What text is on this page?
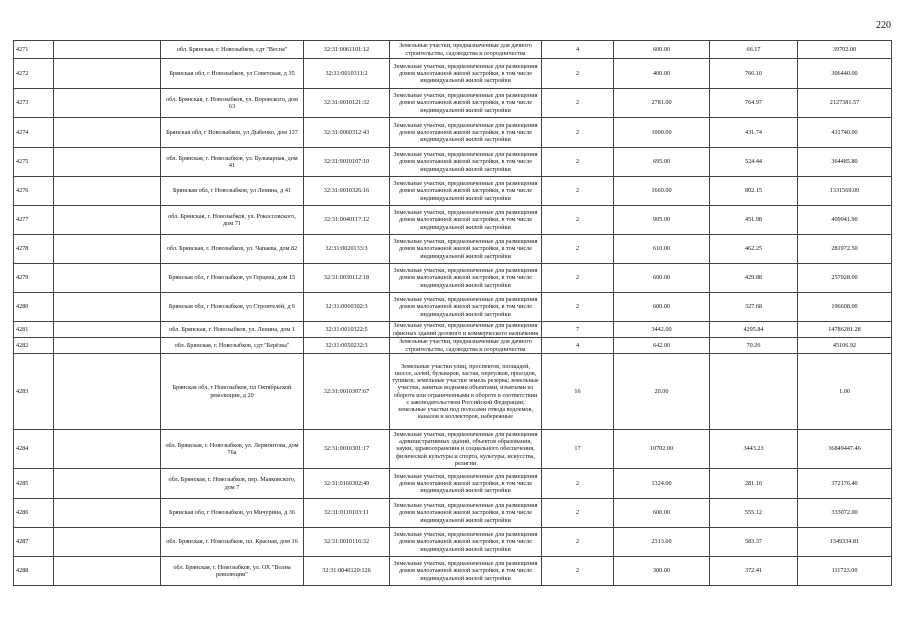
220
4271		обл. Брянская, г. Новозыбков, сдт "Весна"	32:31:0061101:12	Земельные участки, предназначенные для дачного строительства, садоводства и огородничества	4	600.00	66.17	39702.00
4272		Брянская обл, г Новозыбков, ул Советская, д 35	32:31:0010311:2	Земельные участки, предназначенные для размещения домов малоэтажной жилой застройки, в том числе индивидуальной жилой застройки	2	400.00	766.10	306440.00
4273		обл. Брянская, г. Новозыбков, ул. Воровского, дом 63	32:31:0010121:32	Земельные участки, предназначенные для размещения домов малоэтажной жилой застройки, в том числе индивидуальной жилой застройки	2	2781.00	764.97	2127381.57
4274		Брянская обл, г Новозыбков, ул Дыбенко, дом 137	32:31:0060312:43	Земельные участки, предназначенные для размещения домов малоэтажной жилой застройки, в том числе индивидуальной жилой застройки	2	1000.00	431.74	431740.00
4275		обл. Брянская, г. Новозыбков, ул. Бульварная, дом 41	32:31:0010107:10	Земельные участки, предназначенные для размещения домов малоэтажной жилой застройки, в том числе индивидуальной жилой застройки	2	695.00	524.44	364485.80
4276		Брянская обл, г Новозыбков, ул Ленина, д 41	32:31:0010326:16	Земельные участки, предназначенные для размещения домов малоэтажной жилой застройки, в том числе индивидуальной жилой застройки	2	1660.00	802.15	1331569.00
4277		обл. Брянская, г. Новозыбков, ул. Рокоссовского, дом 71	32:31:0040117:12	Земельные участки, предназначенные для размещения домов малоэтажной жилой застройки, в том числе индивидуальной жилой застройки	2	905.00	451.98	409041.90
4278		обл. Брянская, г. Новозыбков, ул. Чапаева, дом 82	32:31:0020133:3	Земельные участки, предназначенные для размещения домов малоэтажной жилой застройки, в том числе индивидуальной жилой застройки	2	610.00	462.25	281972.50
4279		Брянская обл, г Новозыбков, ул Герцена, дом 15	32:31:0030112:18	Земельные участки, предназначенные для размещения домов малоэтажной жилой застройки, в том числе индивидуальной жилой застройки	2	600.00	429.88	257928.00
4280		Брянская обл, г Новозыбков, ул Строителей, д 6	32:31:0060302:3	Земельные участки, предназначенные для размещения домов малоэтажной жилой застройки, в том числе индивидуальной жилой застройки	2	600.00	327.68	196608.00
4281		обл. Брянская, г. Новозыбков, ул. Ленина, дом 1	32:31:0010322:5	Земельные участки, предназначенные для размещения офисных зданий делового и коммерческого назначения	7	3442.00	4295.84	14786281.28
4282		обл. Брянская, г. Новозыбков, сдт "Берёзка"	32:31:0050232:3	Земельные участки, предназначенные для дачного строительства, садоводства и огородничества	4	642.00	70.26	45106.92
4283		Брянская обл, г Новозыбков, пл Октябрьской революции, д 20	32:31:0010307:67	Земельные участки улиц, проспектов, площадей, шоссе, аллей, бульваров, застав, переулков, проездов, тупиков; земельные участки земель резерва; земельные участки, занятые водными объектами, изъятыми из оборота или ограниченными в обороте в соответствии с законодательством Российской Федерации; земельные участки под полосами отвода водоемов, каналов и коллекторов, набережные	16	20.00		1.00
4284		обл. Брянская, г. Новозыбков, ул. Лермонтова, дом 76а	32:31:0010301:17	Земельные участки, предназначенные для размещения административных зданий, объектов образования, науки, здравоохранения и социального обеспечения, физической культуры и спорта, культуры, искусства, религии	17	10702.00	3443.23	36849447.46
4285		обл. Брянская, г. Новозыбков, пер. Маяковского, дом 7	32:31:0160302:49	Земельные участки, предназначенные для размещения домов малоэтажной жилой застройки, в том числе индивидуальной жилой застройки	2	1324.00	281.10	372176.40
4286		Брянская обл, г Новозыбков, ул Мичурина, д 36	32:31:0110103:11	Земельные участки, предназначенные для размещения домов малоэтажной жилой застройки, в том числе индивидуальной жилой застройки	2	600.00	555.12	333072.00
4287		обл. Брянская, г. Новозыбков, пл. Красная, дом 16	32:31:0010116:32	Земельные участки, предназначенные для размещения домов малоэтажной жилой застройки, в том числе индивидуальной жилой застройки	2	2313.00	583.37	1349334.81
4288		обл. Брянская, г. Новозыбков, ул. ОХ "Волна революции"	32:31:0040120:126	Земельные участки, предназначенные для размещения домов малоэтажной жилой застройки, в том числе индивидуальной жилой застройки	2	300.00	372.41	111723.00
